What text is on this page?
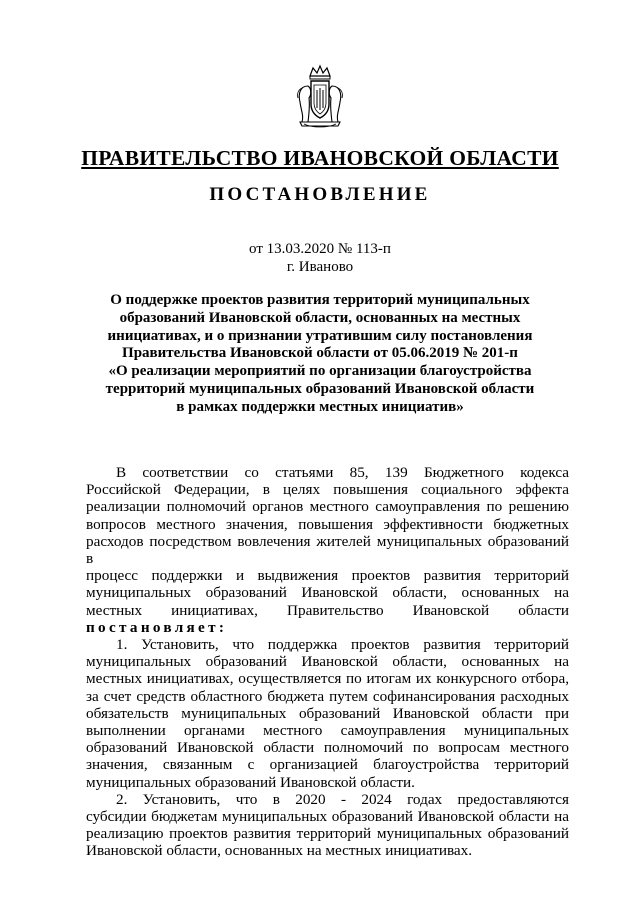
ПРАВИТЕЛЬСТВО ИВАНОВСКОЙ ОБЛАСТИ
ПОСТАНОВЛЕНИЕ
от 13.03.2020 № 113-п
г. Иваново
О поддержке проектов развития территорий муниципальных
образований Ивановской области, основанных на местных
инициативах, и о признании утратившим силу постановления
Правительства Ивановской области от 05.06.2019 № 201-п
«О реализации мероприятий по организации благоустройства
территорий муниципальных образований Ивановской области
в рамках поддержки местных инициатив»

В соответствии со статьями 85, 139 Бюджетного кодекса

Российской Федерации, в целях повышения социального эффекта

реализации полномочий органов местного самоуправления по решению

вопросов местного значения, повышения эффективности бюджетных

расходов посредством вовлечения жителей муниципальных образований в

процесс поддержки и выдвижения проектов развития территорий

муниципальных образований Ивановской области, основанных на

местных инициативах, Правительство Ивановской области

постановляет:

1. Установить, что поддержка проектов развития территорий

муниципальных образований Ивановской области, основанных на

местных инициативах, осуществляется по итогам их конкурсного отбора,

за счет средств областного бюджета путем софинансирования расходных

обязательств муниципальных образований Ивановской области при

выполнении органами местного самоуправления муниципальных

образований Ивановской области полномочий по вопросам местного

значения, связанным с организацией благоустройства территорий

муниципальных образований Ивановской области.

2. Установить, что в 2020 - 2024 годах предоставляются

субсидии бюджетам муниципальных образований Ивановской области на

реализацию проектов развития территорий муниципальных образований

Ивановской области, основанных на местных инициативах.
